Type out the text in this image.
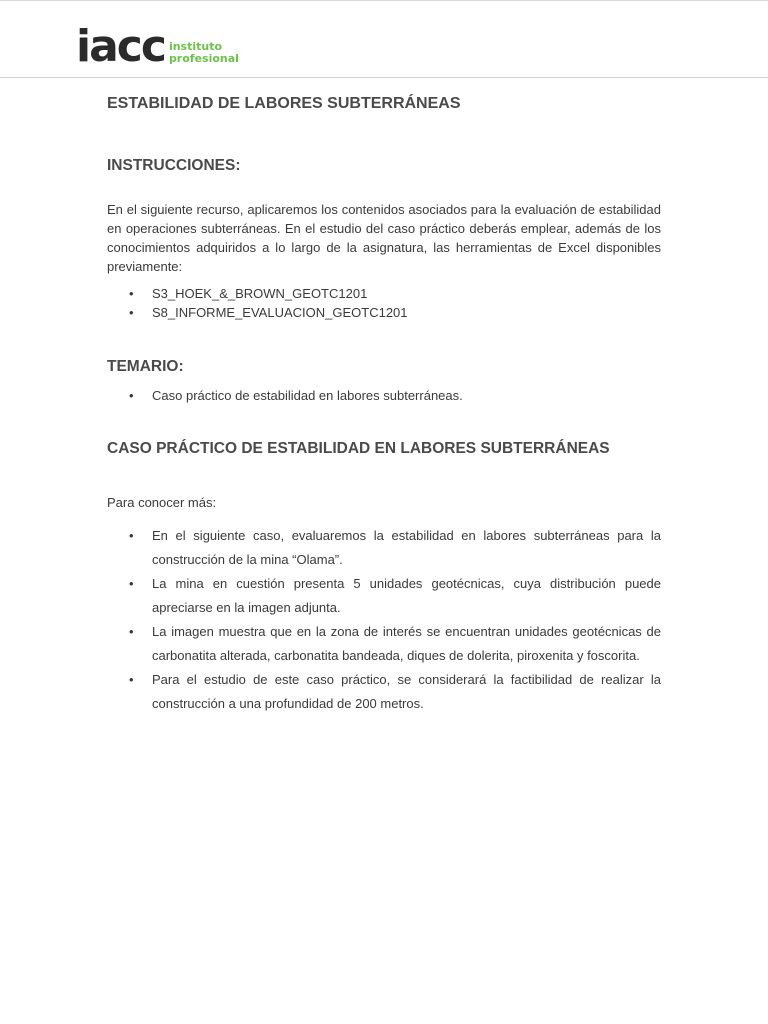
iacc instituto
profesional
ESTABILIDAD DE LABORES SUBTERRÁNEAS
INSTRUCCIONES:

En el siguiente recurso, aplicaremos los contenidos asociados para la evaluación de estabilidad en operaciones subterráneas. En el estudio del caso práctico deberás emplear, además de los conocimientos adquiridos a lo largo de la asignatura, las herramientas de Excel disponibles previamente:

• S3_HOEK_&_BROWN_GEOTC1201
• S8_INFORME_EVALUACION_GEOTC1201
TEMARIO:
• Caso práctico de estabilidad en labores subterráneas.
CASO PRÁCTICO DE ESTABILIDAD EN LABORES SUBTERRÁNEAS

Para conocer más:

• En el siguiente caso, evaluaremos la estabilidad en labores subterráneas para la construcción de la mina “Olama”.
• La mina en cuestión presenta 5 unidades geotécnicas, cuya distribución puede apreciarse en la imagen adjunta.
• La imagen muestra que en la zona de interés se encuentran unidades geotécnicas de carbonatita alterada, carbonatita bandeada, diques de dolerita, piroxenita y foscorita.
• Para el estudio de este caso práctico, se considerará la factibilidad de realizar la construcción a una profundidad de 200 metros.
